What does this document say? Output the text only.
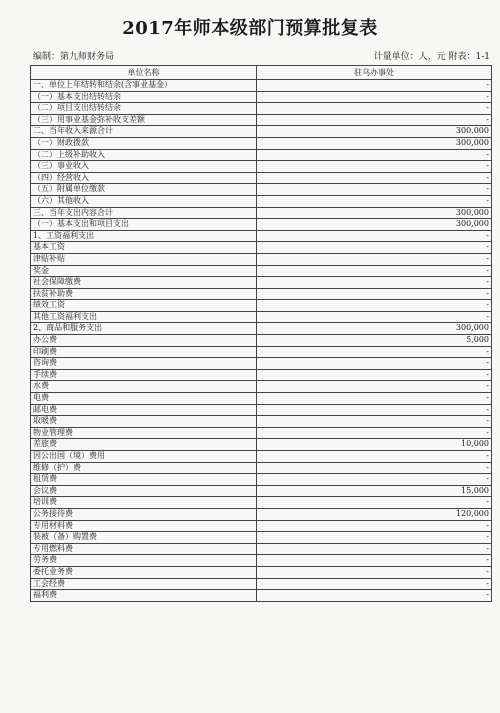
2017年师本级部门预算批复表
编制：第九师财务局	计量单位：人、元 附表：1-1
单位名称	驻乌办事处
一、单位上年结转和结余(含事业基金）	-
（一）基本支出结转结余	-
（二）项目支出结转结余	-
（三）用事业基金弥补收支差额	-
二、当年收入来源合计	300,000
（一）财政拨款	300,000
（二）上级补助收入	-
（三）事业收入	-
（四）经营收入	-
（五）附属单位缴款	-
（六）其他收入	-
三、当年支出内容合计	300,000
（一）基本支出和项目支出	300,000
1、工资福利支出	-
基本工资	-
津贴补贴	-
奖金	-
社会保障缴费	-
扶贫补助费	-
绩效工资	-
其他工资福利支出	-
2、商品和服务支出	300,000
办公费	5,000
印刷费	-
咨询费	-
手续费	-
水费	-
电费	-
邮电费	-
取暖费	-
物业管理费	-
差旅费	10,000
因公出国（境）费用	-
维修（护）费	-
租赁费	-
会议费	15,000
培训费	-
公务接待费	120,000
专用材料费	-
装被（备）购置费	-
专用燃料费	-
劳务费	-
委托业务费	-
工会经费	-
福利费	-
